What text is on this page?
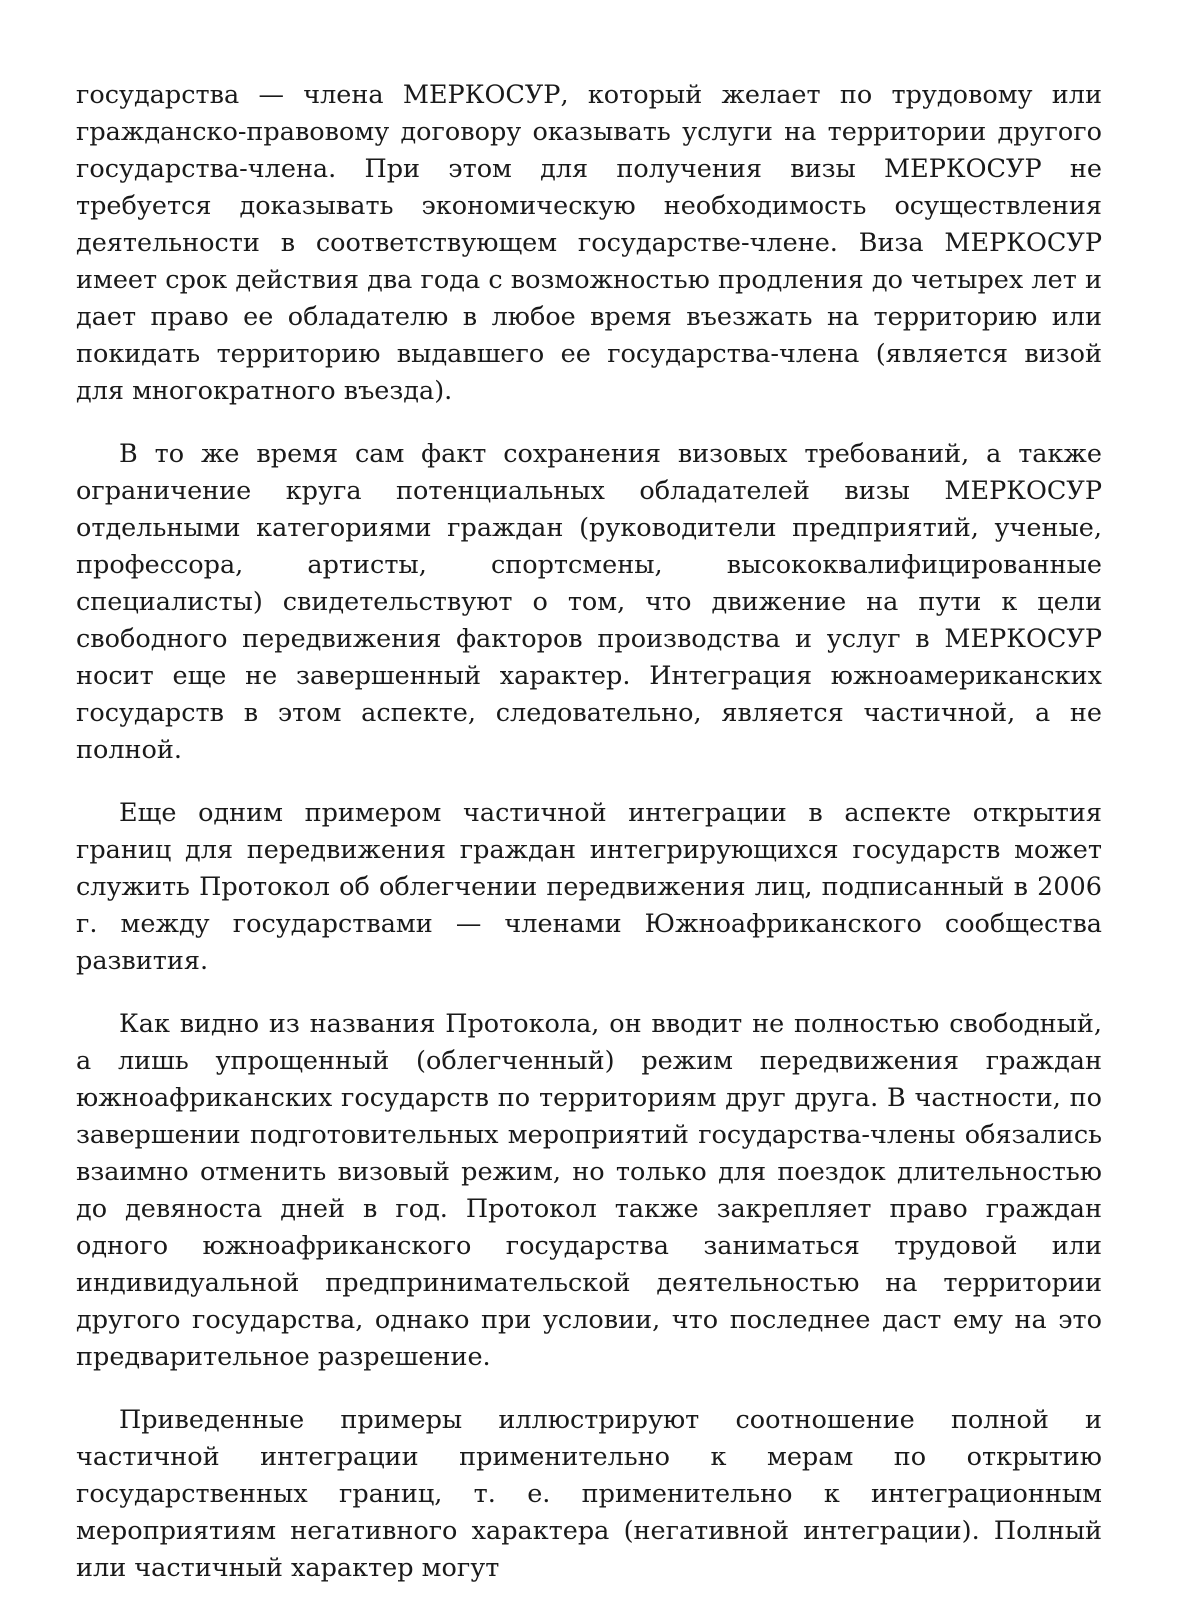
государства — члена МЕРКОСУР, который желает по трудовому или гражданско-правовому договору оказывать услуги на территории другого государства-члена. При этом для получения визы МЕРКОСУР не требуется доказывать экономическую необходимость осуществления деятельности в соответствующем государстве-члене. Виза МЕРКОСУР имеет срок действия два года с возможностью продления до четырех лет и дает право ее обладателю в любое время въезжать на территорию или покидать территорию выдавшего ее государства-члена (является визой для многократного въезда).

В то же время сам факт сохранения визовых требований, а также ограничение круга потенциальных обладателей визы МЕРКОСУР отдельными категориями граждан (руководители предприятий, ученые, профессора, артисты, спортсмены, высококвалифицированные специалисты) свидетельствуют о том, что движение на пути к цели свободного передвижения факторов производства и услуг в МЕРКОСУР носит еще не завершенный характер. Интеграция южноамериканских государств в этом аспекте, следовательно, является частичной, а не полной.

Еще одним примером частичной интеграции в аспекте открытия границ для передвижения граждан интегрирующихся государств может служить Протокол об облегчении передвижения лиц, подписанный в 2006 г. между государствами — членами Южноафриканского сообщества развития.

Как видно из названия Протокола, он вводит не полностью свободный, а лишь упрощенный (облегченный) режим передвижения граждан южноафриканских государств по территориям друг друга. В частности, по завершении подготовительных мероприятий государства-члены обязались взаимно отменить визовый режим, но только для поездок длительностью до девяноста дней в год. Протокол также закрепляет право граждан одного южноафриканского государства заниматься трудовой или индивидуальной предпринимательской деятельностью на территории другого государства, однако при условии, что последнее даст ему на это предварительное разрешение.

Приведенные примеры иллюстрируют соотношение полной и частичной интеграции применительно к мерам по открытию государственных границ, т. е. применительно к интеграционным мероприятиям негативного характера (негативной интеграции). Полный или частичный характер могут
